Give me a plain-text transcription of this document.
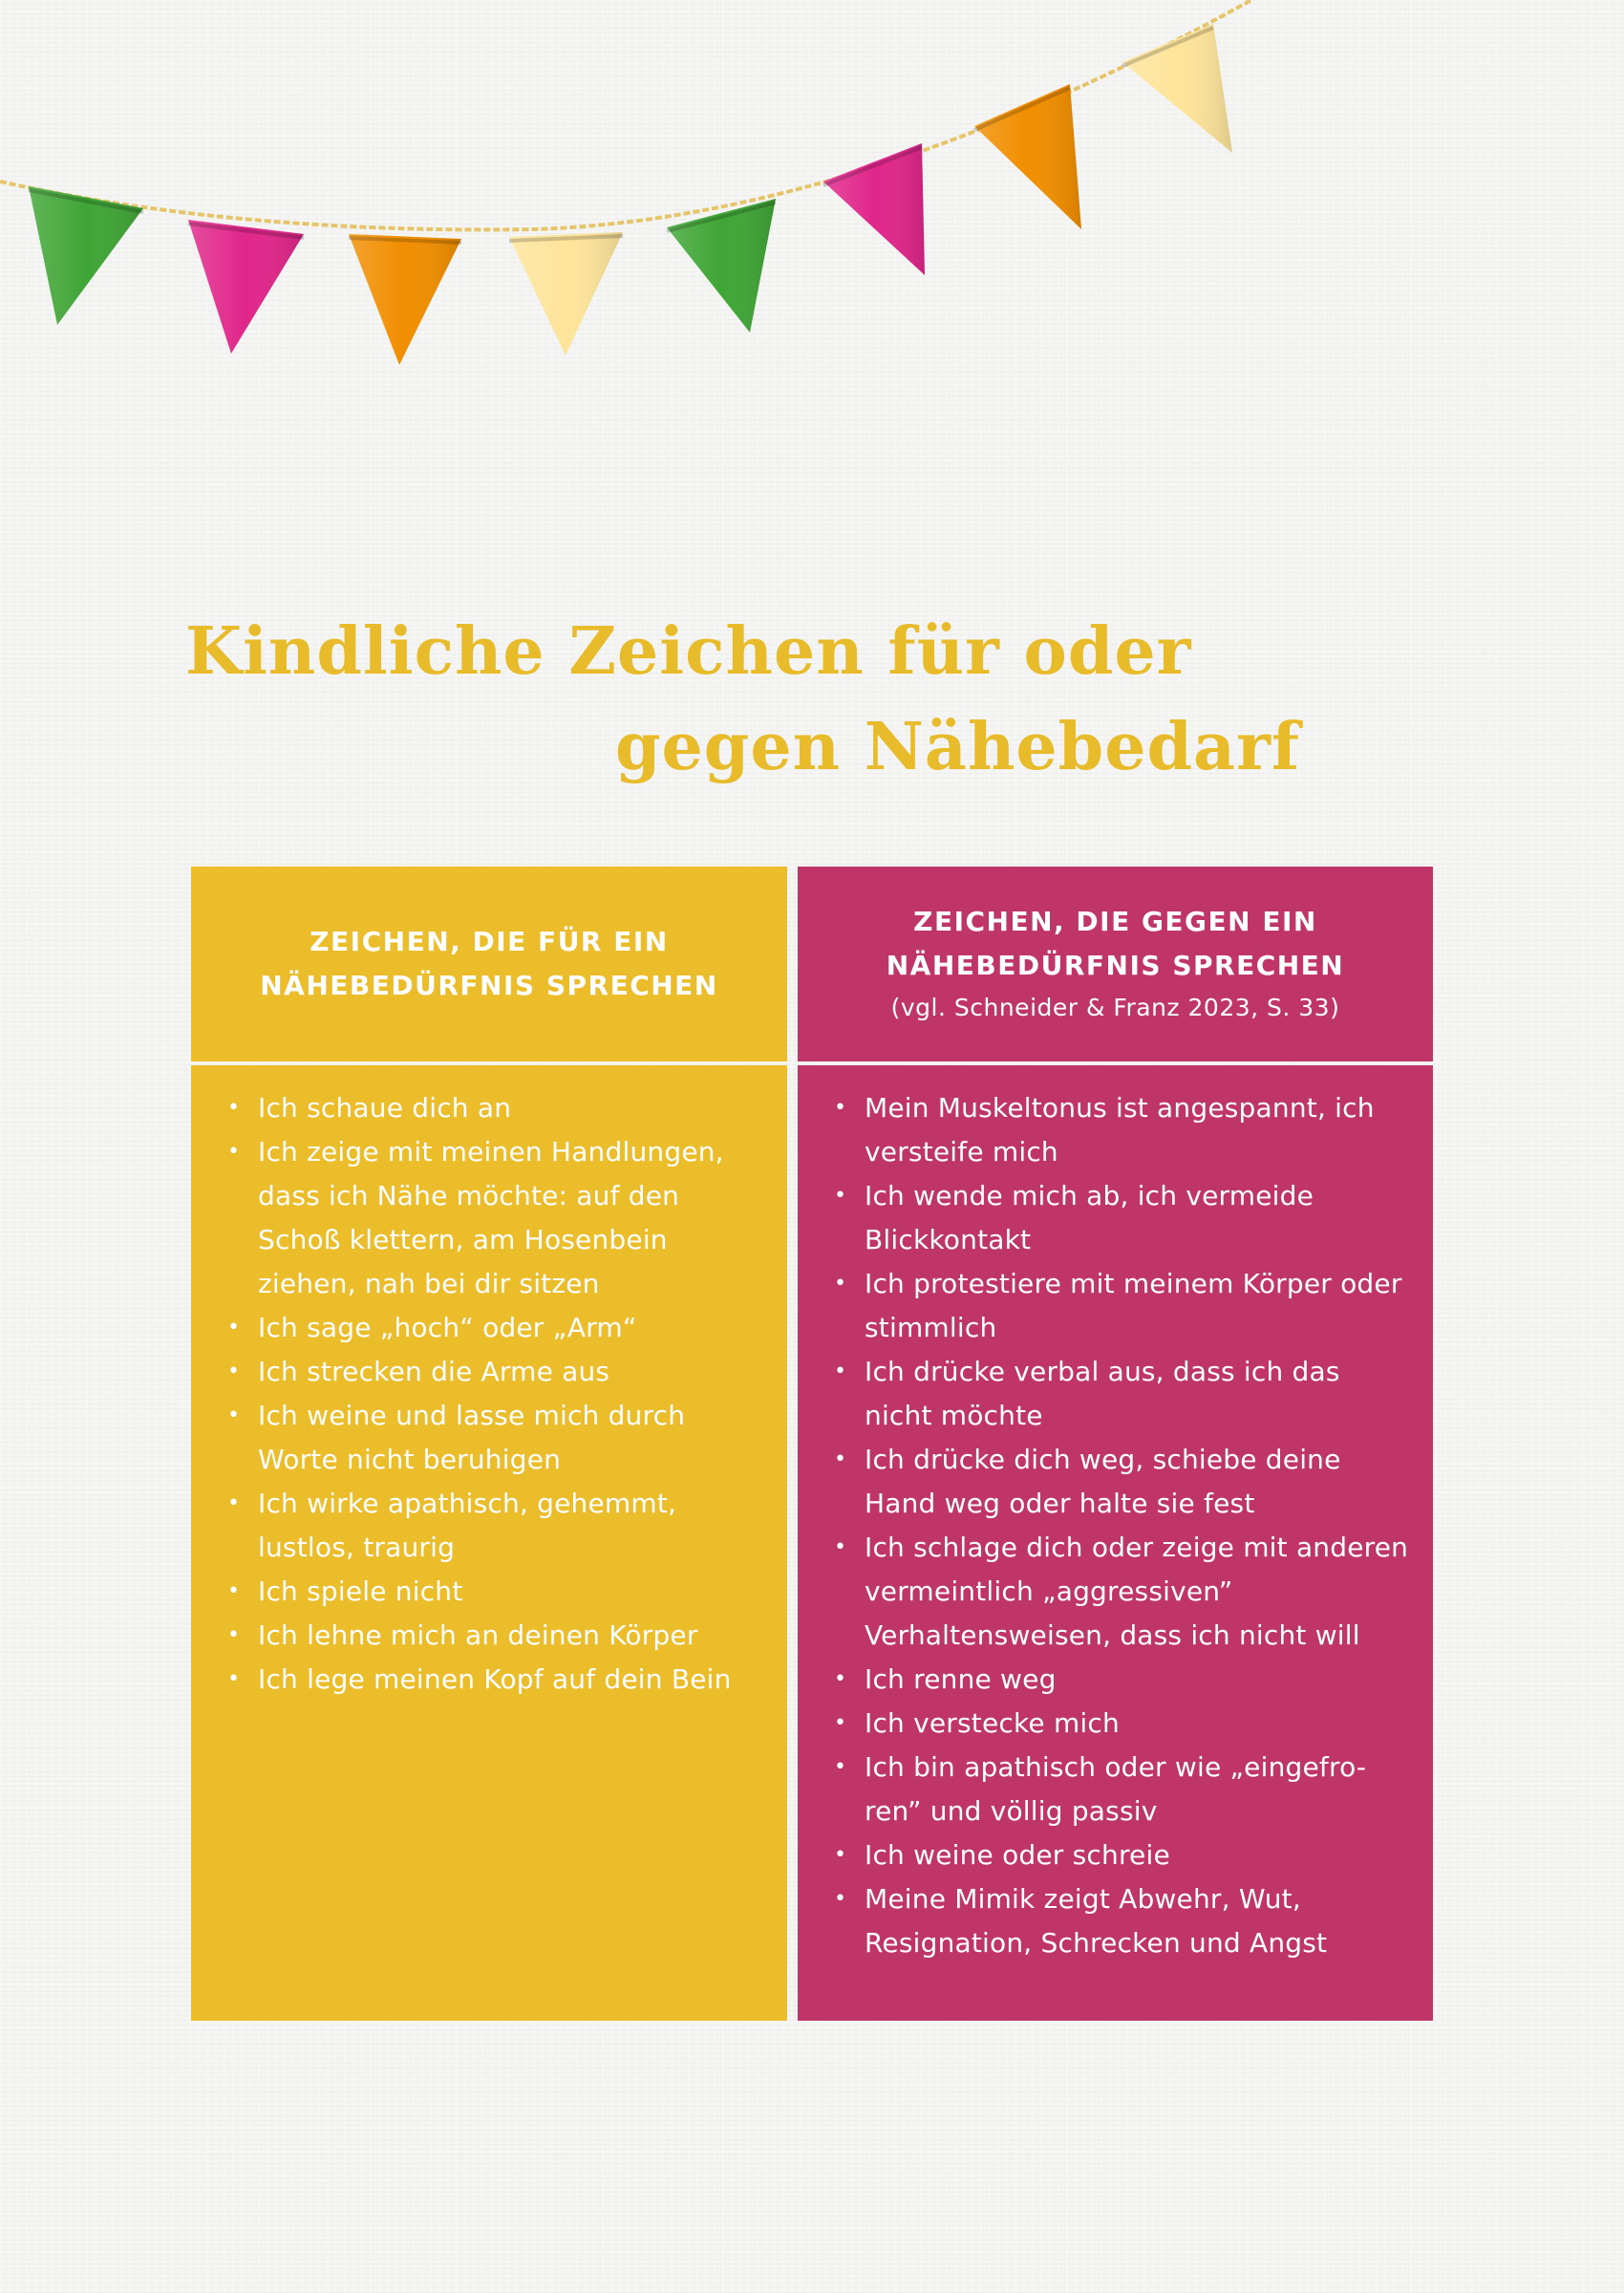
Kindliche Zeichen für oder
gegen Nähebedarf
ZEICHEN, DIE FÜR EIN
NÄHEBEDÜRFNIS SPRECHEN
ZEICHEN, DIE GEGEN EIN
NÄHEBEDÜRFNIS SPRECHEN
(vgl. Schneider & Franz 2023, S. 33)
• Ich schaue dich an
• Ich zeige mit meinen Handlungen, dass ich Nähe möchte: auf den Schoß klettern, am Hosenbein ziehen, nah bei dir sitzen
• Ich sage „hoch“ oder „Arm“
• Ich strecken die Arme aus
• Ich weine und lasse mich durch Worte nicht beruhigen
• Ich wirke apathisch, gehemmt, lustlos, traurig
• Ich spiele nicht
• Ich lehne mich an deinen Körper
• Ich lege meinen Kopf auf dein Bein
• Mein Muskeltonus ist angespannt, ich versteife mich
• Ich wende mich ab, ich vermeide Blickkontakt
• Ich protestiere mit meinem Körper oder stimmlich
• Ich drücke verbal aus, dass ich das nicht möchte
• Ich drücke dich weg, schiebe deine Hand weg oder halte sie fest
• Ich schlage dich oder zeige mit anderen vermeintlich „aggressiven” Verhaltensweisen, dass ich nicht will
• Ich renne weg
• Ich verstecke mich
• Ich bin apathisch oder wie „eingefro-ren” und völlig passiv
• Ich weine oder schreie
• Meine Mimik zeigt Abwehr, Wut, Resignation, Schrecken und Angst
